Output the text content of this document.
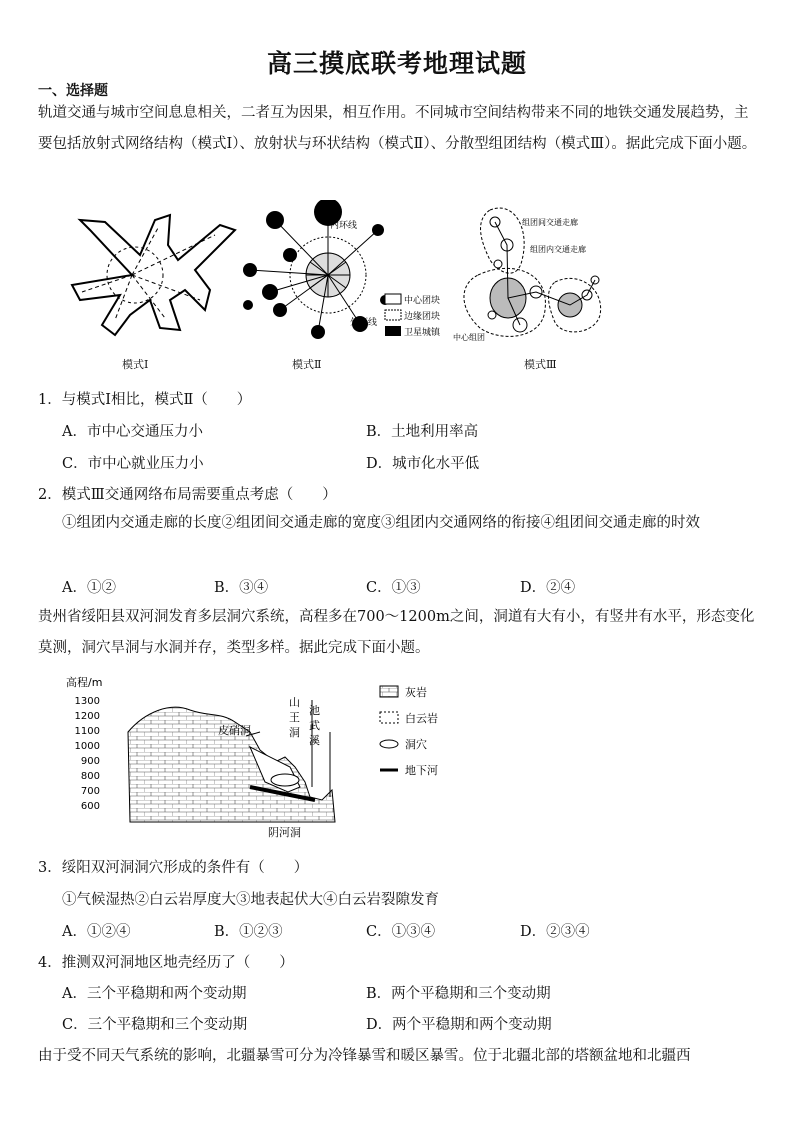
高三摸底联考地理试题
一、选择题
轨道交通与城市空间息息相关，二者互为因果，相互作用。不同城市空间结构带来不同的地铁交通发展趋势，主要包括放射式网络结构（模式Ⅰ）、放射状与环状结构（模式Ⅱ）、分散型组团结构（模式Ⅲ）。据此完成下面小题。
内环线
外环线
中心团块
边缘团块
卫星城镇
组团间交通走廊
组团内交通走廊
中心组团
模式Ⅰ	模式Ⅱ	模式Ⅲ
1．与模式Ⅰ相比，模式Ⅱ（　　）
A．市中心交通压力小	B．土地利用率高
C．市中心就业压力小	D．城市化水平低
2．模式Ⅲ交通网络布局需要重点考虑（　　）
①组团内交通走廊的长度②组团间交通走廊的宽度③组团内交通网络的衔接④组团间交通走廊的时效
A．①②	B．③④	C．①③	D．②④
贵州省绥阳县双河洞发育多层洞穴系统，高程多在700～1200m之间，洞道有大有小，有竖井有水平，形态变化莫测，洞穴旱洞与水洞并存，类型多样。据此完成下面小题。
高程/m
1300
1200
1100
1000
900
800
700
600
皮硝洞
山王洞
池武溪
阴河洞
灰岩
白云岩
洞穴
地下河
3．绥阳双河洞洞穴形成的条件有（　　）
①气候湿热②白云岩厚度大③地表起伏大④白云岩裂隙发育
A．①②④	B．①②③	C．①③④	D．②③④
4．推测双河洞地区地壳经历了（　　）
A．三个平稳期和两个变动期	B．两个平稳期和三个变动期
C．三个平稳期和三个变动期	D．两个平稳期和两个变动期
由于受不同天气系统的影响，北疆暴雪可分为冷锋暴雪和暖区暴雪。位于北疆北部的塔额盆地和北疆西
